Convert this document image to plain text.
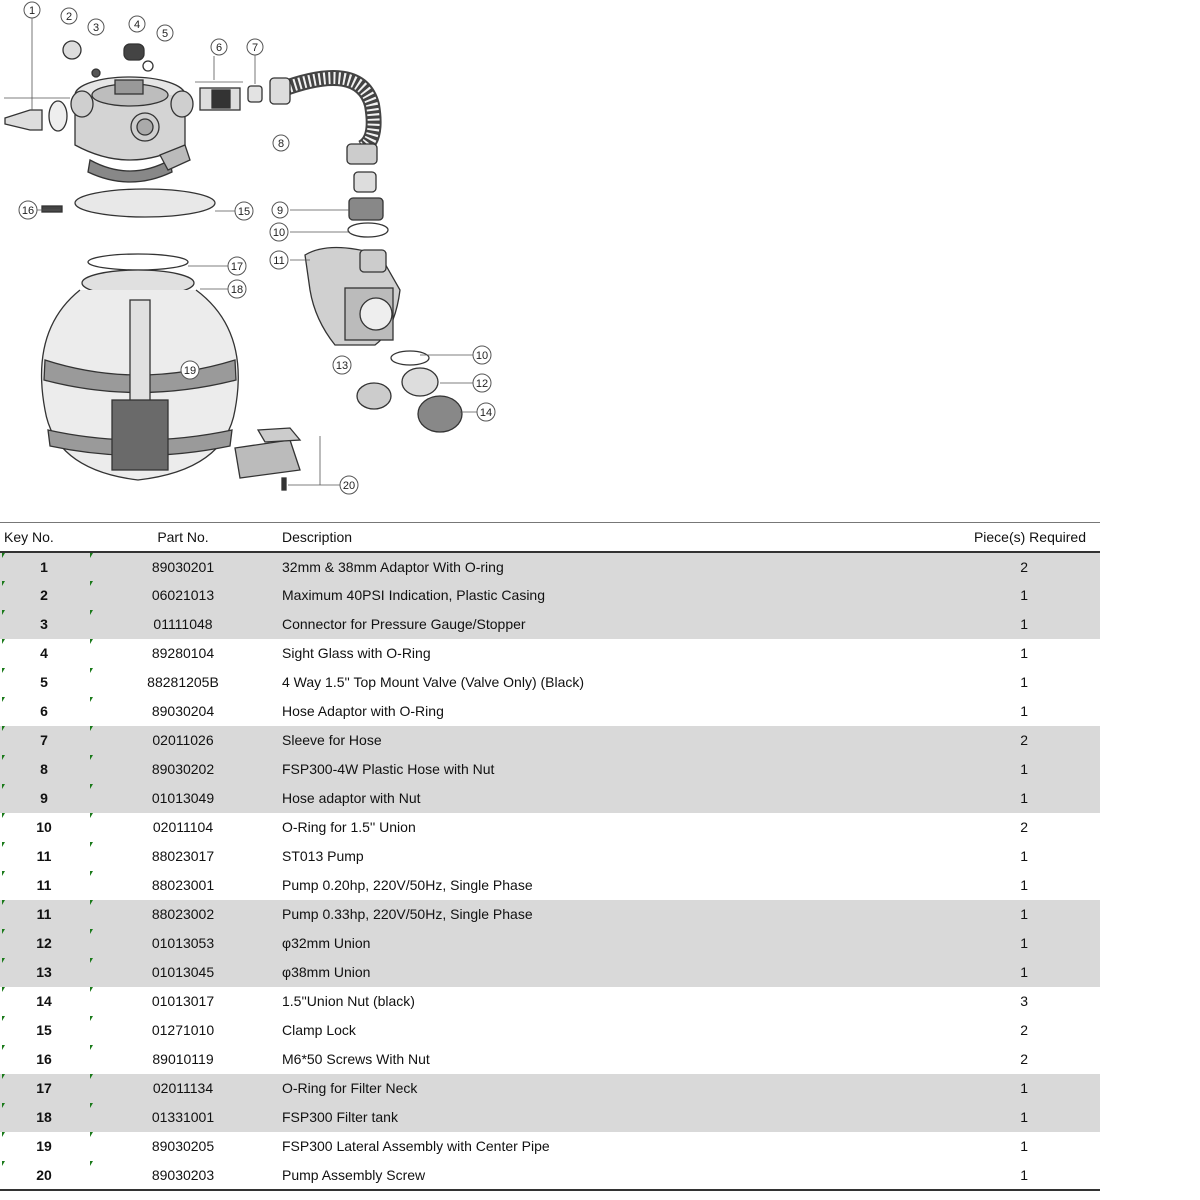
1	2
3	4
5
6	7
8
9
10
11
10
12
13
14
15
16
17
18
19
20
Key No.	Part No.	Description	Piece(s) Required

1	89030201	32mm & 38mm Adaptor With O-ring	2

2	06021013	Maximum 40PSI Indication, Plastic Casing	1

3	01111048	Connector for Pressure Gauge/Stopper	1

4	89280104	Sight Glass with O-Ring	1

5	88281205B	4 Way 1.5'' Top Mount Valve (Valve Only) (Black)	1

6	89030204	Hose Adaptor with O-Ring	1

7	02011026	Sleeve for Hose	2

8	89030202	FSP300-4W Plastic Hose with Nut	1

9	01013049	Hose adaptor with Nut	1

10	02011104	O-Ring for 1.5'' Union	2

11	88023017	ST013 Pump	1

11	88023001	Pump 0.20hp, 220V/50Hz, Single Phase	1

11	88023002	Pump 0.33hp, 220V/50Hz, Single Phase	1

12	01013053	φ32mm Union	1

13	01013045	φ38mm Union	1

14	01013017	1.5''Union Nut (black)	3

15	01271010	Clamp Lock	2

16	89010119	M6*50 Screws With Nut	2

17	02011134	O-Ring for Filter Neck	1

18	01331001	FSP300 Filter tank	1

19	89030205	FSP300 Lateral Assembly with Center Pipe	1

20	89030203	Pump Assembly Screw	1
